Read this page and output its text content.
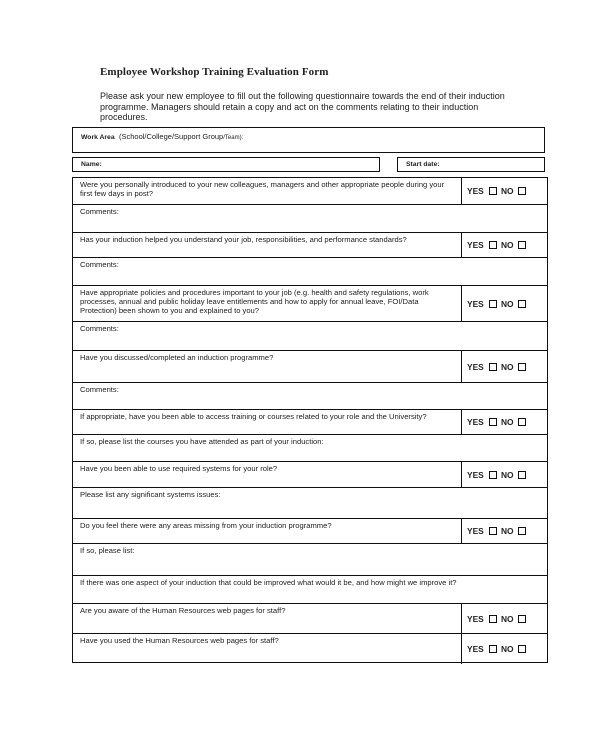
Employee Workshop Training Evaluation Form
Please ask your new employee to fill out the following questionnaire towards the end of their induction programme. Managers should retain a copy and act on the comments relating to their induction procedures.
Work Area (School/College/Support Group/Team):
Name:	Start date:
Were you personally introduced to your new colleagues, managers and other appropriate people during your first few days in post?	YES NO
Comments:
Has your induction helped you understand your job, responsibilities, and performance standards?
YES NO
Comments:
Have appropriate policies and procedures important to your job (e.g. health and safety regulations, work processes, annual and public holiday leave entitlements and how to apply for annual leave, FOI/Data Protection) been shown to you and explained to you?
YES NO
Comments:
Have you discussed/completed an induction programme?
YES NO
Comments:
If appropriate, have you been able to access training or courses related to your role and the University?
YES NO
If so, please list the courses you have attended as part of your induction:
Have you been able to use required systems for your role?
YES NO
Please list any significant systems issues:
Do you feel there were any areas missing from your induction programme?
YES NO
If so, please list:
If there was one aspect of your induction that could be improved what would it be, and how might we improve it?
Are you aware of the Human Resources web pages for staff?
YES NO
Have you used the Human Resources web pages for staff?
YES NO
